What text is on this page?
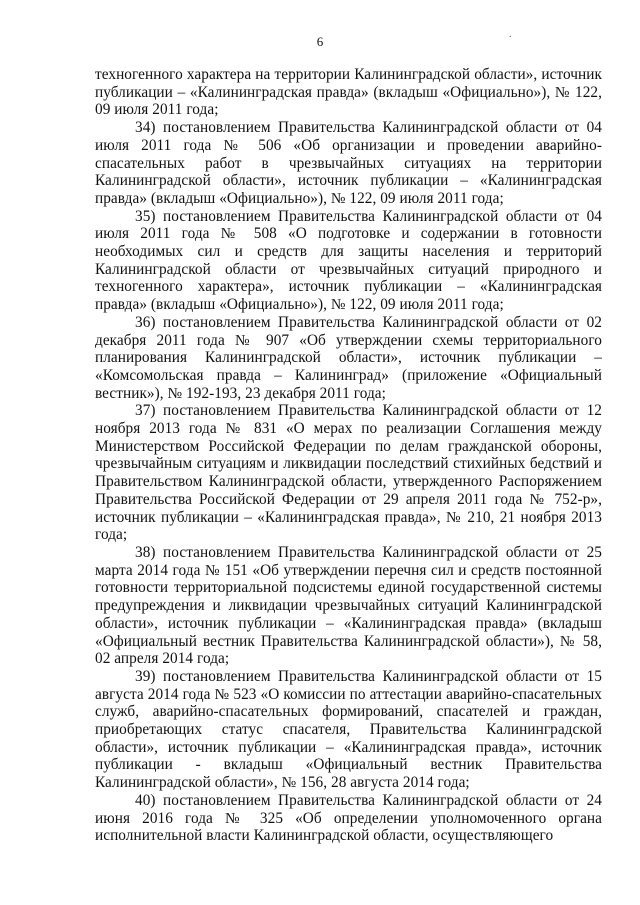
6	.

техногенного характера на территории Калининградской области», источник публикации – «Калининградская правда» (вкладыш «Официально»), № 122, 09 июля 2011 года;

34) постановлением Правительства Калининградской области от 04 июля 2011 года № 506 «Об организации и проведении аварийно-спасательных работ в чрезвычайных ситуациях на территории Калининградской области», источник публикации – «Калининградская правда» (вкладыш «Официально»), № 122, 09 июля 2011 года;

35) постановлением Правительства Калининградской области от 04 июля 2011 года № 508 «О подготовке и содержании в готовности необходимых сил и средств для защиты населения и территорий Калининградской области от чрезвычайных ситуаций природного и техногенного характера», источник публикации – «Калининградская правда» (вкладыш «Официально»), № 122, 09 июля 2011 года;

36) постановлением Правительства Калининградской области от 02 декабря 2011 года № 907 «Об утверждении схемы территориального планирования Калининградской области», источник публикации – «Комсомольская правда – Калининград» (приложение «Официальный вестник»), № 192-193, 23 декабря 2011 года;

37) постановлением Правительства Калининградской области от 12 ноября 2013 года № 831 «О мерах по реализации Соглашения между Министерством Российской Федерации по делам гражданской обороны, чрезвычайным ситуациям и ликвидации последствий стихийных бедствий и Правительством Калининградской области, утвержденного Распоряжением Правительства Российской Федерации от 29 апреля 2011 года № 752-р», источник публикации – «Калининградская правда», № 210, 21 ноября 2013 года;

38) постановлением Правительства Калининградской области от 25 марта 2014 года № 151 «Об утверждении перечня сил и средств постоянной готовности территориальной подсистемы единой государственной системы предупреждения и ликвидации чрезвычайных ситуаций Калининградской области», источник публикации – «Калининградская правда» (вкладыш «Официальный вестник Правительства Калининградской области»), № 58, 02 апреля 2014 года;

39) постановлением Правительства Калининградской области от 15 августа 2014 года № 523 «О комиссии по аттестации аварийно-спасательных служб, аварийно-спасательных формирований, спасателей и граждан, приобретающих статус спасателя, Правительства Калининградской области», источник публикации – «Калининградская правда», источник публикации - вкладыш «Официальный вестник Правительства Калининградской области», № 156, 28 августа 2014 года;

40) постановлением Правительства Калининградской области от 24 июня 2016 года № 325 «Об определении уполномоченного органа исполнительной власти Калининградской области, осуществляющего
